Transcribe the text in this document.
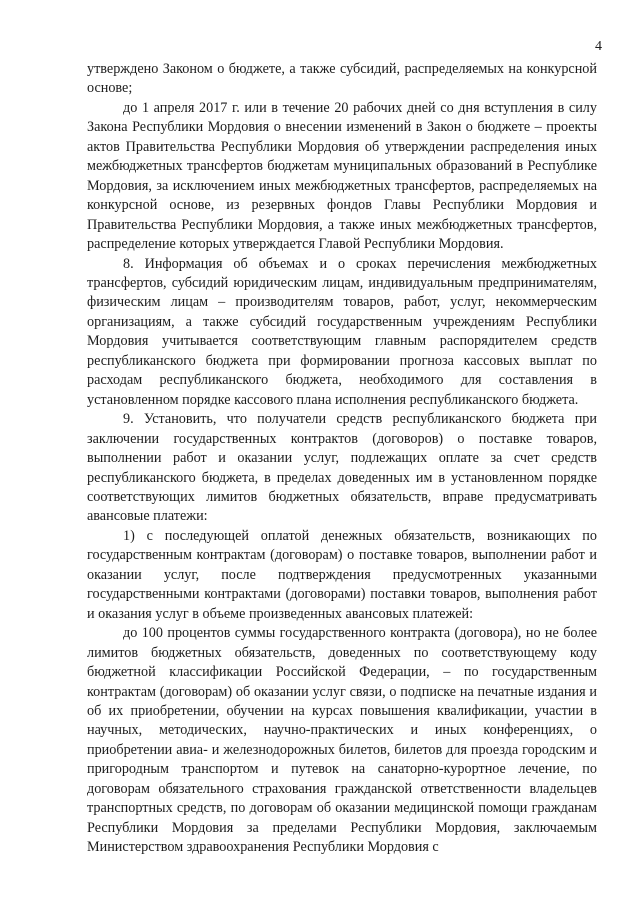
4

утверждено Законом о бюджете, а также субсидий, распределяемых на конкурсной основе;

до 1 апреля 2017 г. или в течение 20 рабочих дней со дня вступления в силу Закона Республики Мордовия о внесении изменений в Закон о бюджете – проекты актов Правительства Республики Мордовия об утверждении распределения иных межбюджетных трансфертов бюджетам муниципальных образований в Республике Мордовия, за исключением иных межбюджетных трансфертов, распределяемых на конкурсной основе, из резервных фондов Главы Республики Мордовия и Правительства Республики Мордовия, а также иных межбюджетных трансфертов, распределение которых утверждается Главой Республики Мордовия.

8. Информация об объемах и о сроках перечисления межбюджетных трансфертов, субсидий юридическим лицам, индивидуальным предпринимателям, физическим лицам – производителям товаров, работ, услуг, некоммерческим организациям, а также субсидий государственным учреждениям Республики Мордовия учитывается соответствующим главным распорядителем средств республиканского бюджета при формировании прогноза кассовых выплат по расходам республиканского бюджета, необходимого для составления в установленном порядке кассового плана исполнения республиканского бюджета.

9. Установить, что получатели средств республиканского бюджета при заключении государственных контрактов (договоров) о поставке товаров, выполнении работ и оказании услуг, подлежащих оплате за счет средств республиканского бюджета, в пределах доведенных им в установленном порядке соответствующих лимитов бюджетных обязательств, вправе предусматривать авансовые платежи:

1) с последующей оплатой денежных обязательств, возникающих по государственным контрактам (договорам) о поставке товаров, выполнении работ и оказании услуг, после подтверждения предусмотренных указанными государственными контрактами (договорами) поставки товаров, выполнения работ и оказания услуг в объеме произведенных авансовых платежей:

до 100 процентов суммы государственного контракта (договора), но не более лимитов бюджетных обязательств, доведенных по соответствующему коду бюджетной классификации Российской Федерации, – по государственным контрактам (договорам) об оказании услуг связи, о подписке на печатные издания и об их приобретении, обучении на курсах повышения квалификации, участии в научных, методических, научно-практических и иных конференциях, о приобретении авиа- и железнодорожных билетов, билетов для проезда городским и пригородным транспортом и путевок на санаторно-курортное лечение, по договорам обязательного страхования гражданской ответственности владельцев транспортных средств, по договорам об оказании медицинской помощи гражданам Республики Мордовия за пределами Республики Мордовия, заключаемым Министерством здравоохранения Республики Мордовия с
